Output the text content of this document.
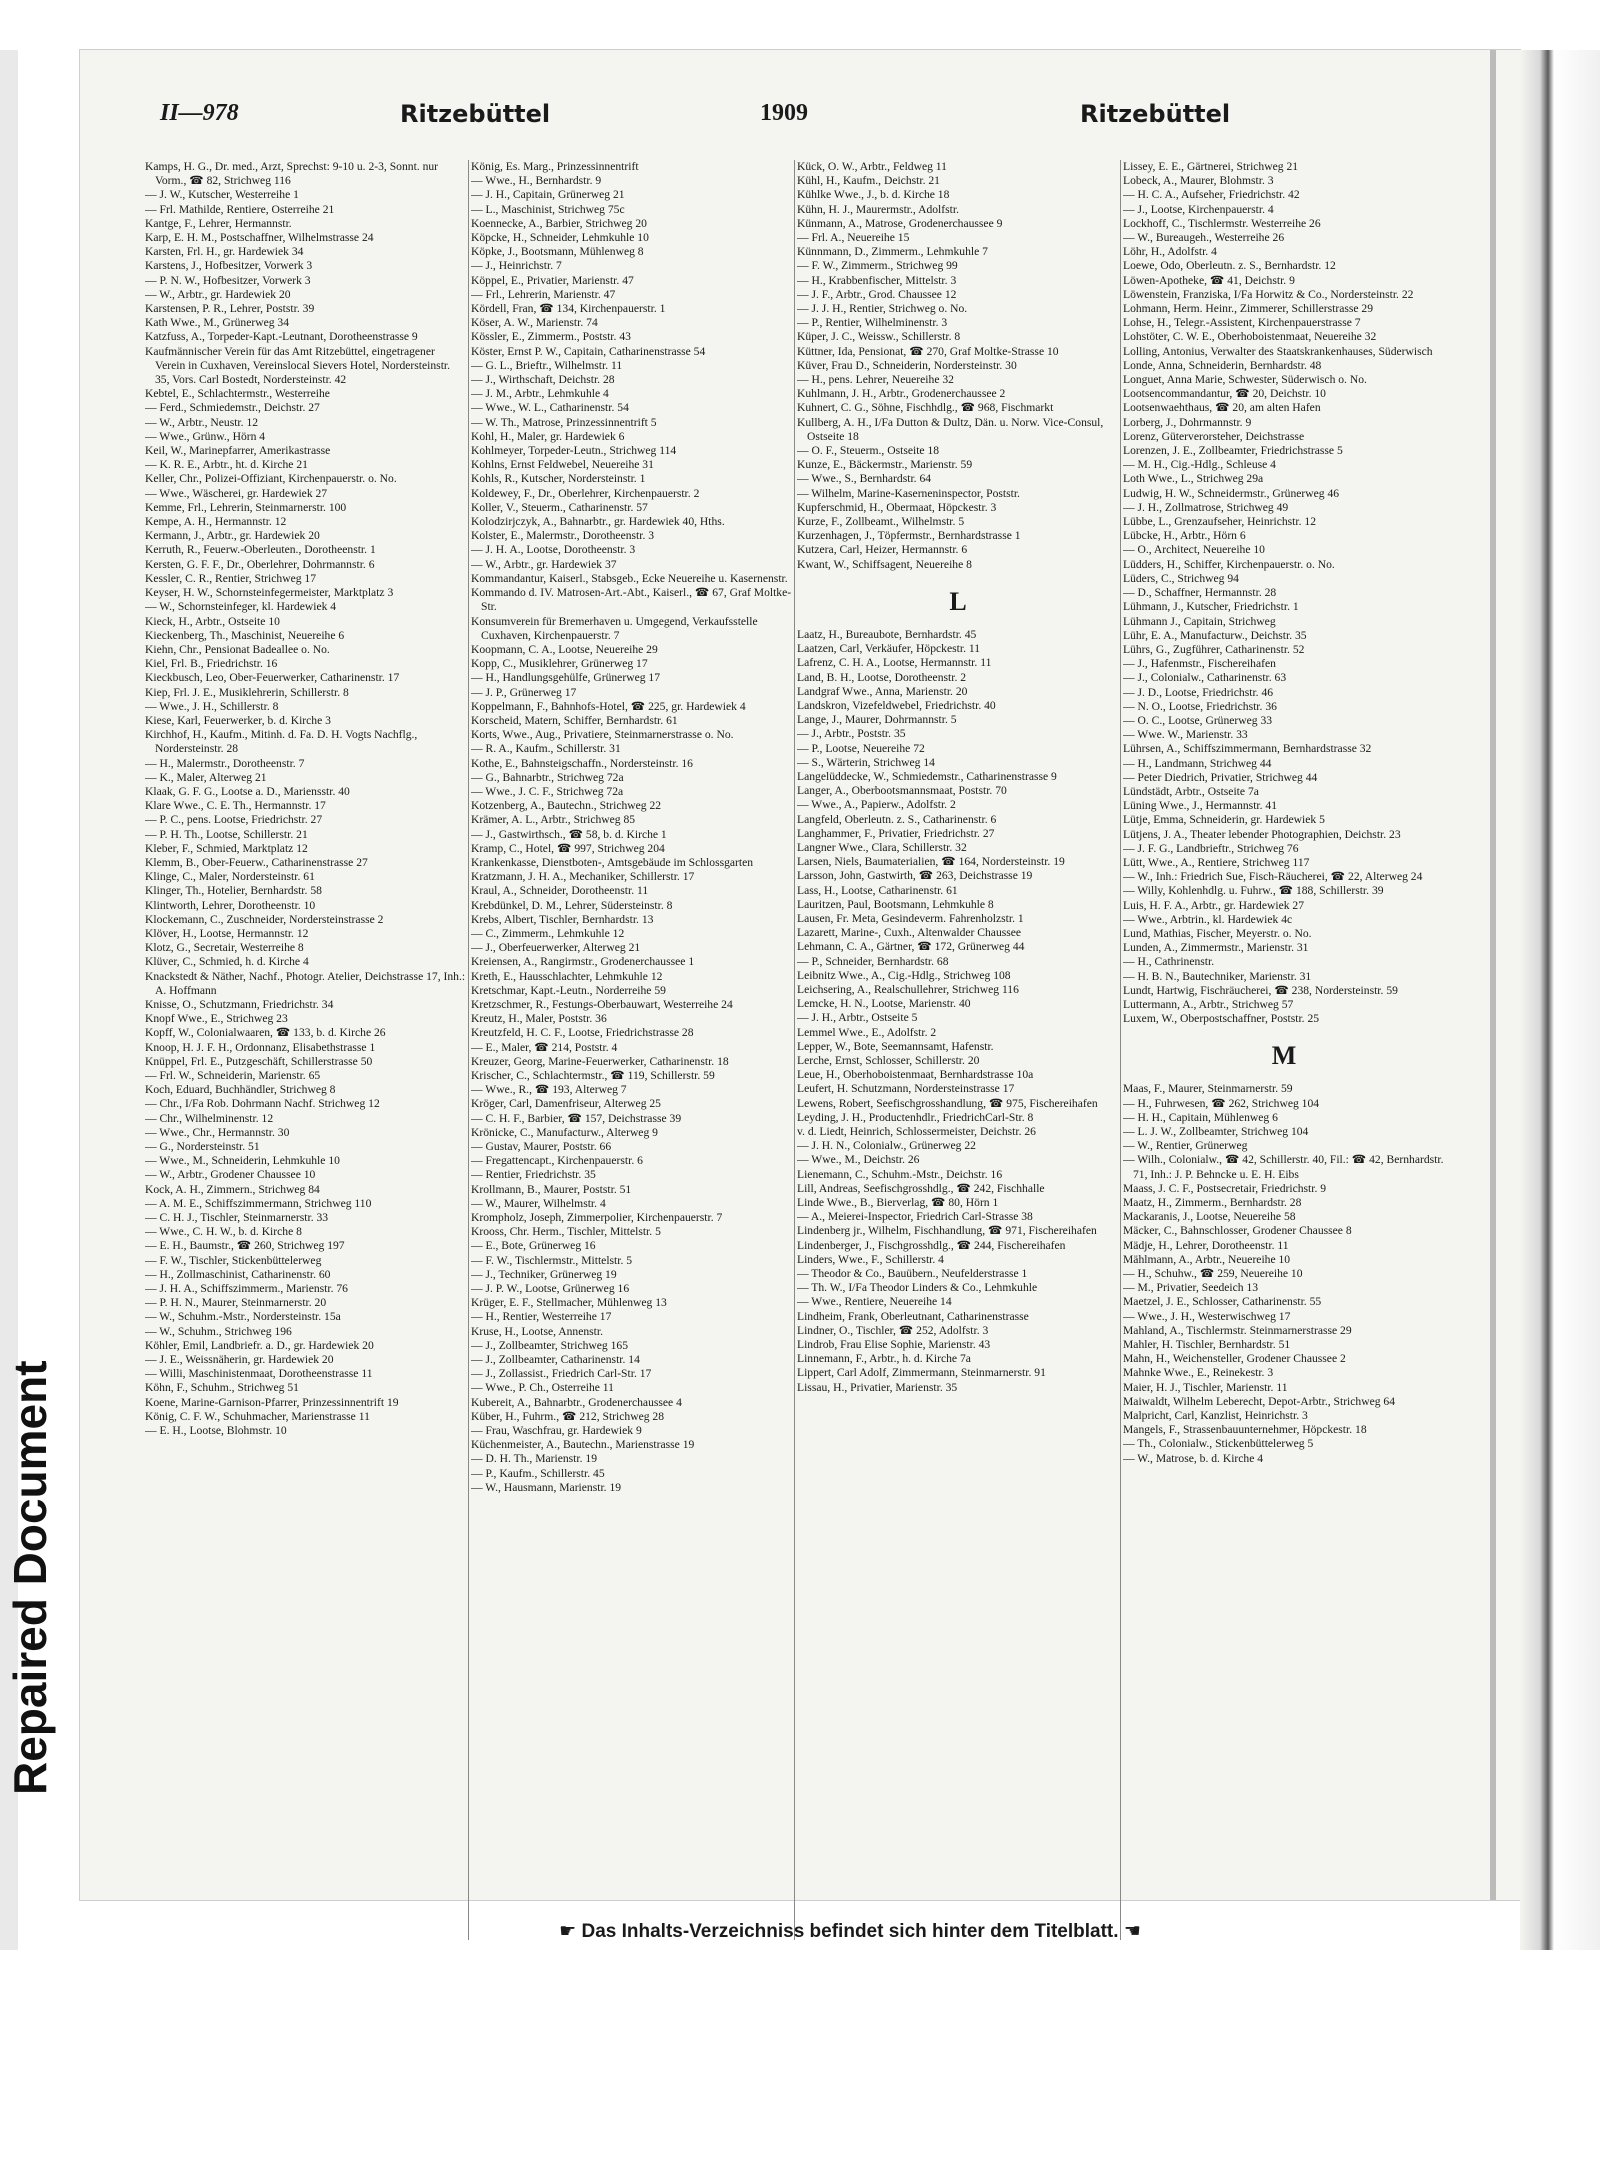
Repaired Document
II—978	Ritzebüttel	1909	Ritzebüttel

Kamps, H. G., Dr. med., Arzt, Sprechst: 9-10 u. 2-3, Sonnt. nur Vorm., ☎ 82, Strichweg 116

— J. W., Kutscher, Westerreihe 1

— Frl. Mathilde, Rentiere, Osterreihe 21

Kantge, F., Lehrer, Hermannstr.

Karp, E. H. M., Postschaffner, Wilhelmstrasse 24

Karsten, Frl. H., gr. Hardewiek 34

Karstens, J., Hofbesitzer, Vorwerk 3

— P. N. W., Hofbesitzer, Vorwerk 3

— W., Arbtr., gr. Hardewiek 20

Karstensen, P. R., Lehrer, Poststr. 39

Kath Wwe., M., Grünerweg 34

Katzfuss, A., Torpeder-Kapt.-Leutnant, Dorotheenstrasse 9

Kaufmännischer Verein für das Amt Ritzebüttel, eingetragener Verein in Cuxhaven, Vereinslocal Sievers Hotel, Nordersteinstr. 35, Vors. Carl Bostedt, Nordersteinstr. 42

Kebtel, E., Schlachtermstr., Westerreihe

— Ferd., Schmiedemstr., Deichstr. 27

— W., Arbtr., Neustr. 12

— Wwe., Grünw., Hörn 4

Keil, W., Marinepfarrer, Amerikastrasse

— K. R. E., Arbtr., ht. d. Kirche 21

Keller, Chr., Polizei-Offiziant, Kirchenpauerstr. o. No.

— Wwe., Wäscherei, gr. Hardewiek 27

Kemme, Frl., Lehrerin, Steinmarnerstr. 100

Kempe, A. H., Hermannstr. 12

Kermann, J., Arbtr., gr. Hardewiek 20

Kerruth, R., Feuerw.-Oberleuten., Dorotheenstr. 1

Kersten, G. F. F., Dr., Oberlehrer, Dohrmannstr. 6

Kessler, C. R., Rentier, Strichweg 17

Keyser, H. W., Schornsteinfegermeister, Marktplatz 3

— W., Schornsteinfeger, kl. Hardewiek 4

Kieck, H., Arbtr., Ostseite 10

Kieckenberg, Th., Maschinist, Neuereihe 6

Kiehn, Chr., Pensionat Badeallee o. No.

Kiel, Frl. B., Friedrichstr. 16

Kieckbusch, Leo, Ober-Feuerwerker, Catharinenstr. 17

Kiep, Frl. J. E., Musiklehrerin, Schillerstr. 8

— Wwe., J. H., Schillerstr. 8

Kiese, Karl, Feuerwerker, b. d. Kirche 3

Kirchhof, H., Kaufm., Mitinh. d. Fa. D. H. Vogts Nachflg., Nordersteinstr. 28

— H., Malermstr., Dorotheenstr. 7

— K., Maler, Alterweg 21

Klaak, G. F. G., Lootse a. D., Mariensstr. 40

Klare Wwe., C. E. Th., Hermannstr. 17

— P. C., pens. Lootse, Friedrichstr. 27

— P. H. Th., Lootse, Schillerstr. 21

Kleber, F., Schmied, Marktplatz 12

Klemm, B., Ober-Feuerw., Catharinenstrasse 27

Klinge, C., Maler, Nordersteinstr. 61

Klinger, Th., Hotelier, Bernhardstr. 58

Klintworth, Lehrer, Dorotheenstr. 10

Klockemann, C., Zuschneider, Nordersteinstrasse 2

Klöver, H., Lootse, Hermannstr. 12

Klotz, G., Secretair, Westerreihe 8

Klüver, C., Schmied, h. d. Kirche 4

Knackstedt & Näther, Nachf., Photogr. Atelier, Deichstrasse 17, Inh.: A. Hoffmann

Knisse, O., Schutzmann, Friedrichstr. 34

Knopf Wwe., E., Strichweg 23

Kopff, W., Colonialwaaren, ☎ 133, b. d. Kirche 26

Knoop, H. J. F. H., Ordonnanz, Elisabethstrasse 1

Knüppel, Frl. E., Putzgeschäft, Schillerstrasse 50

— Frl. W., Schneiderin, Marienstr. 65

Koch, Eduard, Buchhändler, Strichweg 8

— Chr., I/Fa Rob. Dohrmann Nachf. Strichweg 12

— Chr., Wilhelminenstr. 12

— Wwe., Chr., Hermannstr. 30

— G., Nordersteinstr. 51

— Wwe., M., Schneiderin, Lehmkuhle 10

— W., Arbtr., Grodener Chaussee 10

Kock, A. H., Zimmern., Strichweg 84

— A. M. E., Schiffszimmermann, Strichweg 110

— C. H. J., Tischler, Steinmarnerstr. 33

— Wwe., C. H. W., b. d. Kirche 8

— E. H., Baumstr., ☎ 260, Strichweg 197

— F. W., Tischler, Stickenbüttelerweg

— H., Zollmaschinist, Catharinenstr. 60

— J. H. A., Schiffszimmerm., Marienstr. 76

— P. H. N., Maurer, Steinmarnerstr. 20

— W., Schuhm.-Mstr., Nordersteinstr. 15a

— W., Schuhm., Strichweg 196

Köhler, Emil, Landbriefr. a. D., gr. Hardewiek 20

— J. E., Weissnäherin, gr. Hardewiek 20

— Willi, Maschinistenmaat, Dorotheenstrasse 11

Köhn, F., Schuhm., Strichweg 51

Koene, Marine-Garnison-Pfarrer, Prinzessinnentrift 19

König, C. F. W., Schuhmacher, Marienstrasse 11

— E. H., Lootse, Blohmstr. 10

König, Es. Marg., Prinzessinnentrift

— Wwe., H., Bernhardstr. 9

— J. H., Capitain, Grünerweg 21

— L., Maschinist, Strichweg 75c

Koennecke, A., Barbier, Strichweg 20

Köpcke, H., Schneider, Lehmkuhle 10

Köpke, J., Bootsmann, Mühlenweg 8

— J., Heinrichstr. 7

Köppel, E., Privatier, Marienstr. 47

— Frl., Lehrerin, Marienstr. 47

Kördell, Fran, ☎ 134, Kirchenpauerstr. 1

Köser, A. W., Marienstr. 74

Kössler, E., Zimmerm., Poststr. 43

Köster, Ernst P. W., Capitain, Catharinenstrasse 54

— G. L., Brieftr., Wilhelmstr. 11

— J., Wirthschaft, Deichstr. 28

— J. M., Arbtr., Lehmkuhle 4

— Wwe., W. L., Catharinenstr. 54

— W. Th., Matrose, Prinzessinnentrift 5

Kohl, H., Maler, gr. Hardewiek 6

Kohlmeyer, Torpeder-Leutn., Strichweg 114

Kohlns, Ernst Feldwebel, Neuereihe 31

Kohls, R., Kutscher, Nordersteinstr. 1

Koldewey, F., Dr., Oberlehrer, Kirchenpauerstr. 2

Koller, V., Steuerm., Catharinenstr. 57

Kolodzirjczyk, A., Bahnarbtr., gr. Hardewiek 40, Hths.

Kolster, E., Malermstr., Dorotheenstr. 3

— J. H. A., Lootse, Dorotheenstr. 3

— W., Arbtr., gr. Hardewiek 37

Kommandantur, Kaiserl., Stabsgeb., Ecke Neuereihe u. Kasernenstr.

Kommando d. IV. Matrosen-Art.-Abt., Kaiserl., ☎ 67, Graf Moltke-Str.

Konsumverein für Bremerhaven u. Umgegend, Verkaufsstelle Cuxhaven, Kirchenpauerstr. 7

Koopmann, C. A., Lootse, Neuereihe 29

Kopp, C., Musiklehrer, Grünerweg 17

— H., Handlungsgehülfe, Grünerweg 17

— J. P., Grünerweg 17

Koppelmann, F., Bahnhofs-Hotel, ☎ 225, gr. Hardewiek 4

Korscheid, Matern, Schiffer, Bernhardstr. 61

Korts, Wwe., Aug., Privatiere, Steinmarnerstrasse o. No.

— R. A., Kaufm., Schillerstr. 31

Kothe, E., Bahnsteigschaffn., Nordersteinstr. 16

— G., Bahnarbtr., Strichweg 72a

— Wwe., J. C. F., Strichweg 72a

Kotzenberg, A., Bautechn., Strichweg 22

Krämer, A. L., Arbtr., Strichweg 85

— J., Gastwirthsch., ☎ 58, b. d. Kirche 1

Kramp, C., Hotel, ☎ 997, Strichweg 204

Krankenkasse, Dienstboten-, Amtsgebäude im Schlossgarten

Kratzmann, J. H. A., Mechaniker, Schillerstr. 17

Kraul, A., Schneider, Dorotheenstr. 11

Krebdünkel, D. M., Lehrer, Südersteinstr. 8

Krebs, Albert, Tischler, Bernhardstr. 13

— C., Zimmerm., Lehmkuhle 12

— J., Oberfeuerwerker, Alterweg 21

Kreiensen, A., Rangirmstr., Grodenerchaussee 1

Kreth, E., Hausschlachter, Lehmkuhle 12

Kretschmar, Kapt.-Leutn., Norderreihe 59

Kretzschmer, R., Festungs-Oberbauwart, Westerreihe 24

Kreutz, H., Maler, Poststr. 36

Kreutzfeld, H. C. F., Lootse, Friedrichstrasse 28

— E., Maler, ☎ 214, Poststr. 4

Kreuzer, Georg, Marine-Feuerwerker, Catharinenstr. 18

Krischer, C., Schlachtermstr., ☎ 119, Schillerstr. 59

— Wwe., R., ☎ 193, Alterweg 7

Kröger, Carl, Damenfriseur, Alterweg 25

— C. H. F., Barbier, ☎ 157, Deichstrasse 39

Krönicke, C., Manufacturw., Alterweg 9

— Gustav, Maurer, Poststr. 66

— Fregattencapt., Kirchenpauerstr. 6

— Rentier, Friedrichstr. 35

Krollmann, B., Maurer, Poststr. 51

— W., Maurer, Wilhelmstr. 4

Krompholz, Joseph, Zimmerpolier, Kirchenpauerstr. 7

Krooss, Chr. Herm., Tischler, Mittelstr. 5

— E., Bote, Grünerweg 16

— F. W., Tischlermstr., Mittelstr. 5

— J., Techniker, Grünerweg 19

— J. P. W., Lootse, Grünerweg 16

Krüger, E. F., Stellmacher, Mühlenweg 13

— H., Rentier, Westerreihe 17

Kruse, H., Lootse, Annenstr.

— J., Zollbeamter, Strichweg 165

— J., Zollbeamter, Catharinenstr. 14

— J., Zollassist., Friedrich Carl-Str. 17

— Wwe., P. Ch., Osterreihe 11

Kubereit, A., Bahnarbtr., Grodenerchaussee 4

Küber, H., Fuhrm., ☎ 212, Strichweg 28

— Frau, Waschfrau, gr. Hardewiek 9

Küchenmeister, A., Bautechn., Marienstrasse 19

— D. H. Th., Marienstr. 19

— P., Kaufm., Schillerstr. 45

— W., Hausmann, Marienstr. 19

Kück, O. W., Arbtr., Feldweg 11

Kühl, H., Kaufm., Deichstr. 21

Kühlke Wwe., J., b. d. Kirche 18

Kühn, H. J., Maurermstr., Adolfstr.

Künmann, A., Matrose, Grodenerchaussee 9

— Frl. A., Neuereihe 15

Künnmann, D., Zimmerm., Lehmkuhle 7

— F. W., Zimmerm., Strichweg 99

— H., Krabbenfischer, Mittelstr. 3

— J. F., Arbtr., Grod. Chaussee 12

— J. J. H., Rentier, Strichweg o. No.

— P., Rentier, Wilhelminenstr. 3

Küper, J. C., Weissw., Schillerstr. 8

Küttner, Ida, Pensionat, ☎ 270, Graf Moltke-Strasse 10

Küver, Frau D., Schneiderin, Nordersteinstr. 30

— H., pens. Lehrer, Neuereihe 32

Kuhlmann, J. H., Arbtr., Grodenerchaussee 2

Kuhnert, C. G., Söhne, Fischhdlg., ☎ 968, Fischmarkt

Kullberg, A. H., I/Fa Dutton & Dultz, Dän. u. Norw. Vice-Consul, Ostseite 18

— O. F., Steuerm., Ostseite 18

Kunze, E., Bäckermstr., Marienstr. 59

— Wwe., S., Bernhardstr. 64

— Wilhelm, Marine-Kaserneninspector, Poststr.

Kupferschmid, H., Obermaat, Höpckestr. 3

Kurze, F., Zollbeamt., Wilhelmstr. 5

Kurzenhagen, J., Töpfermstr., Bernhardstrasse 1

Kutzera, Carl, Heizer, Hermannstr. 6

Kwant, W., Schiffsagent, Neuereihe 8

L

Laatz, H., Bureaubote, Bernhardstr. 45

Laatzen, Carl, Verkäufer, Höpckestr. 11

Lafrenz, C. H. A., Lootse, Hermannstr. 11

Land, B. H., Lootse, Dorotheenstr. 2

Landgraf Wwe., Anna, Marienstr. 20

Landskron, Vizefeldwebel, Friedrichstr. 40

Lange, J., Maurer, Dohrmannstr. 5

— J., Arbtr., Poststr. 35

— P., Lootse, Neuereihe 72

— S., Wärterin, Strichweg 14

Langelüddecke, W., Schmiedemstr., Catharinenstrasse 9

Langer, A., Oberbootsmannsmaat, Poststr. 70

— Wwe., A., Papierw., Adolfstr. 2

Langfeld, Oberleutn. z. S., Catharinenstr. 6

Langhammer, F., Privatier, Friedrichstr. 27

Langner Wwe., Clara, Schillerstr. 32

Larsen, Niels, Baumaterialien, ☎ 164, Nordersteinstr. 19

Larsson, John, Gastwirth, ☎ 263, Deichstrasse 19

Lass, H., Lootse, Catharinenstr. 61

Lauritzen, Paul, Bootsmann, Lehmkuhle 8

Lausen, Fr. Meta, Gesindeverm. Fahrenholzstr. 1

Lazarett, Marine-, Cuxh., Altenwalder Chaussee

Lehmann, C. A., Gärtner, ☎ 172, Grünerweg 44

— P., Schneider, Bernhardstr. 68

Leibnitz Wwe., A., Cig.-Hdlg., Strichweg 108

Leichsering, A., Realschullehrer, Strichweg 116

Lemcke, H. N., Lootse, Marienstr. 40

— J. H., Arbtr., Ostseite 5

Lemmel Wwe., E., Adolfstr. 2

Lepper, W., Bote, Seemannsamt, Hafenstr.

Lerche, Ernst, Schlosser, Schillerstr. 20

Leue, H., Oberhoboistenmaat, Bernhardstrasse 10a

Leufert, H. Schutzmann, Nordersteinstrasse 17

Lewens, Robert, Seefischgrosshandlung, ☎ 975, Fischereihafen

Leyding, J. H., Productenhdlr., FriedrichCarl-Str. 8

v. d. Liedt, Heinrich, Schlossermeister, Deichstr. 26

— J. H. N., Colonialw., Grünerweg 22

— Wwe., M., Deichstr. 26

Lienemann, C., Schuhm.-Mstr., Deichstr. 16

Lill, Andreas, Seefischgrosshdlg., ☎ 242, Fischhalle

Linde Wwe., B., Bierverlag, ☎ 80, Hörn 1

— A., Meierei-Inspector, Friedrich Carl-Strasse 38

Lindenberg jr., Wilhelm, Fischhandlung, ☎ 971, Fischereihafen

Lindenberger, J., Fischgrosshdlg., ☎ 244, Fischereihafen

Linders, Wwe., F., Schillerstr. 4

— Theodor & Co., Bauübern., Neufelderstrasse 1

— Th. W., I/Fa Theodor Linders & Co., Lehmkuhle

— Wwe., Rentiere, Neuereihe 14

Lindheim, Frank, Oberleutnant, Catharinenstrasse

Lindner, O., Tischler, ☎ 252, Adolfstr. 3

Lindrob, Frau Elise Sophie, Marienstr. 43

Linnemann, F., Arbtr., h. d. Kirche 7a

Lippert, Carl Adolf, Zimmermann, Steinmarnerstr. 91

Lissau, H., Privatier, Marienstr. 35

Lissey, E. E., Gärtnerei, Strichweg 21

Lobeck, A., Maurer, Blohmstr. 3

— H. C. A., Aufseher, Friedrichstr. 42

— J., Lootse, Kirchenpauerstr. 4

Lockhoff, C., Tischlermstr. Westerreihe 26

— W., Bureaugeh., Westerreihe 26

Löhr, H., Adolfstr. 4

Loewe, Odo, Oberleutn. z. S., Bernhardstr. 12

Löwen-Apotheke, ☎ 41, Deichstr. 9

Löwenstein, Franziska, I/Fa Horwitz & Co., Nordersteinstr. 22

Lohmann, Herm. Heinr., Zimmerer, Schillerstrasse 29

Lohse, H., Telegr.-Assistent, Kirchenpauerstrasse 7

Lohstöter, C. W. E., Oberhoboistenmaat, Neuereihe 32

Lolling, Antonius, Verwalter des Staatskrankenhauses, Süderwisch

Londe, Anna, Schneiderin, Bernhardstr. 48

Longuet, Anna Marie, Schwester, Süderwisch o. No.

Lootsencommandantur, ☎ 20, Deichstr. 10

Lootsenwaehthaus, ☎ 20, am alten Hafen

Lorberg, J., Dohrmannstr. 9

Lorenz, Güterverorsteher, Deichstrasse

Lorenzen, J. E., Zollbeamter, Friedrichstrasse 5

— M. H., Cig.-Hdlg., Schleuse 4

Loth Wwe., L., Strichweg 29a

Ludwig, H. W., Schneidermstr., Grünerweg 46

— J. H., Zollmatrose, Strichweg 49

Lübbe, L., Grenzaufseher, Heinrichstr. 12

Lübcke, H., Arbtr., Hörn 6

— O., Architect, Neuereihe 10

Lüdders, H., Schiffer, Kirchenpauerstr. o. No.

Lüders, C., Strichweg 94

— D., Schaffner, Hermannstr. 28

Lühmann, J., Kutscher, Friedrichstr. 1

Lühmann J., Capitain, Strichweg

Lühr, E. A., Manufacturw., Deichstr. 35

Lührs, G., Zugführer, Catharinenstr. 52

— J., Hafenmstr., Fischereihafen

— J., Colonialw., Catharinenstr. 63

— J. D., Lootse, Friedrichstr. 46

— N. O., Lootse, Friedrichstr. 36

— O. C., Lootse, Grünerweg 33

— Wwe. W., Marienstr. 33

Lührsen, A., Schiffszimmermann, Bernhardstrasse 32

— H., Landmann, Strichweg 44

— Peter Diedrich, Privatier, Strichweg 44

Lündstädt, Arbtr., Ostseite 7a

Lüning Wwe., J., Hermannstr. 41

Lütje, Emma, Schneiderin, gr. Hardewiek 5

Lütjens, J. A., Theater lebender Photographien, Deichstr. 23

— J. F. G., Landbrieftr., Strichweg 76

Lütt, Wwe., A., Rentiere, Strichweg 117

— W., Inh.: Friedrich Sue, Fisch-Räucherei, ☎ 22, Alterweg 24

— Willy, Kohlenhdlg. u. Fuhrw., ☎ 188, Schillerstr. 39

Luis, H. F. A., Arbtr., gr. Hardewiek 27

— Wwe., Arbtrin., kl. Hardewiek 4c

Lund, Mathias, Fischer, Meyerstr. o. No.

Lunden, A., Zimmermstr., Marienstr. 31

— H., Cathrinenstr.

— H. B. N., Bautechniker, Marienstr. 31

Lundt, Hartwig, Fischräucherei, ☎ 238, Nordersteinstr. 59

Luttermann, A., Arbtr., Strichweg 57

Luxem, W., Oberpostschaffner, Poststr. 25

M

Maas, F., Maurer, Steinmarnerstr. 59

— H., Fuhrwesen, ☎ 262, Strichweg 104

— H. H., Capitain, Mühlenweg 6

— L. J. W., Zollbeamter, Strichweg 104

— W., Rentier, Grünerweg

— Wilh., Colonialw., ☎ 42, Schillerstr. 40, Fil.: ☎ 42, Bernhardstr. 71, Inh.: J. P. Behncke u. E. H. Eibs

Maass, J. C. F., Postsecretair, Friedrichstr. 9

Maatz, H., Zimmerm., Bernhardstr. 28

Mackaranis, J., Lootse, Neuereihe 58

Mäcker, C., Bahnschlosser, Grodener Chaussee 8

Mädje, H., Lehrer, Dorotheenstr. 11

Mählmann, A., Arbtr., Neuereihe 10

— H., Schuhw., ☎ 259, Neuereihe 10

— M., Privatier, Seedeich 13

Maetzel, J. E., Schlosser, Catharinenstr. 55

— Wwe., J. H., Westerwischweg 17

Mahland, A., Tischlermstr. Steinmarnerstrasse 29

Mahler, H. Tischler, Bernhardstr. 51

Mahn, H., Weichensteller, Grodener Chaussee 2

Mahnke Wwe., E., Reinekestr. 3

Maier, H. J., Tischler, Marienstr. 11

Maiwaldt, Wilhelm Leberecht, Depot-Arbtr., Strichweg 64

Malpricht, Carl, Kanzlist, Heinrichstr. 3

Mangels, F., Strassenbauunternehmer, Höpckestr. 18

— Th., Colonialw., Stickenbüttelerweg 5

— W., Matrose, b. d. Kirche 4

☛ Das Inhalts-Verzeichniss befindet sich hinter dem Titelblatt. ☚
